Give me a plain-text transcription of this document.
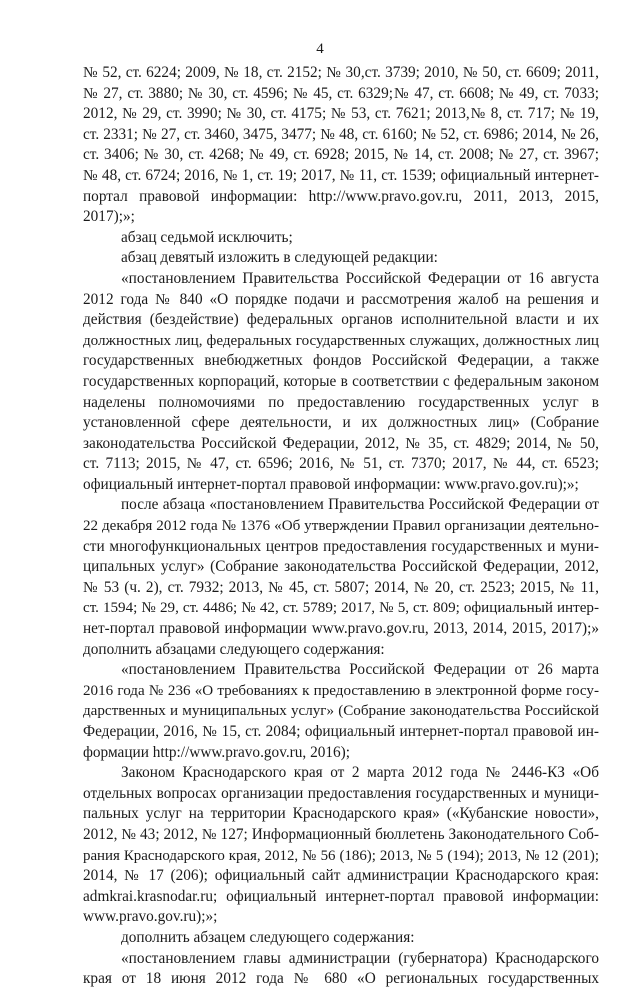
4
№ 52, ст. 6224; 2009, № 18, ст. 2152; № 30,ст. 3739; 2010, № 50, ст. 6609; 2011,
№ 27, ст. 3880; № 30, ст. 4596; № 45, ст. 6329;№ 47, ст. 6608; № 49, ст. 7033;
2012, № 29, ст. 3990; № 30, ст. 4175; № 53, ст. 7621; 2013,№ 8, ст. 717; № 19,
ст. 2331; № 27, ст. 3460, 3475, 3477; № 48, ст. 6160; № 52, ст. 6986; 2014, № 26,
ст. 3406; № 30, ст. 4268; № 49, ст. 6928; 2015, № 14, ст. 2008; № 27, ст. 3967;
№ 48, ст. 6724; 2016, № 1, ст. 19; 2017, № 11, ст. 1539; официальный интернет-
портал правовой информации: http://www.pravo.gov.ru, 2011, 2013, 2015,
2017);»;
абзац седьмой исключить;
абзац девятый изложить в следующей редакции:
«постановлением Правительства Российской Федерации от 16 августа
2012 года № 840 «О порядке подачи и рассмотрения жалоб на решения и
действия (бездействие) федеральных органов исполнительной власти и их
должностных лиц, федеральных государственных служащих, должностных лиц
государственных внебюджетных фондов Российской Федерации, а также
государственных корпораций, которые в соответствии с федеральным законом
наделены полномочиями по предоставлению государственных услуг в
установленной сфере деятельности, и их должностных лиц» (Собрание
законодательства Российской Федерации, 2012, № 35, ст. 4829; 2014, № 50,
ст. 7113; 2015, № 47, ст. 6596; 2016, № 51, ст. 7370; 2017, № 44, ст. 6523;
официальный интернет-портал правовой информации: www.pravo.gov.ru);»;
после абзаца «постановлением Правительства Российской Федерации от
22 декабря 2012 года № 1376 «Об утверждении Правил организации деятельно-
сти многофункциональных центров предоставления государственных и муни-
ципальных услуг» (Собрание законодательства Российской Федерации, 2012,
№ 53 (ч. 2), ст. 7932; 2013, № 45, ст. 5807; 2014, № 20, ст. 2523; 2015, № 11,
ст. 1594; № 29, ст. 4486; № 42, ст. 5789; 2017, № 5, ст. 809; официальный интер-
нет-портал правовой информации www.pravo.gov.ru, 2013, 2014, 2015, 2017);»
дополнить абзацами следующего содержания:
«постановлением Правительства Российской Федерации от 26 марта
2016 года № 236 «О требованиях к предоставлению в электронной форме госу-
дарственных и муниципальных услуг» (Собрание законодательства Российской
Федерации, 2016, № 15, ст. 2084; официальный интернет-портал правовой ин-
формации http://www.pravo.gov.ru, 2016);
Законом Краснодарского края от 2 марта 2012 года № 2446-КЗ «Об
отдельных вопросах организации предоставления государственных и муници-
пальных услуг на территории Краснодарского края» («Кубанские новости»,
2012, № 43; 2012, № 127; Информационный бюллетень Законодательного Соб-
рания Краснодарского края, 2012, № 56 (186); 2013, № 5 (194); 2013, № 12 (201);
2014, № 17 (206); официальный сайт администрации Краснодарского края:
admkrai.krasnodar.ru; официальный интернет-портал правовой информации:
www.pravo.gov.ru);»;
дополнить абзацем следующего содержания:
«постановлением главы администрации (губернатора) Краснодарского
края от 18 июня 2012 года № 680 «О региональных государственных
